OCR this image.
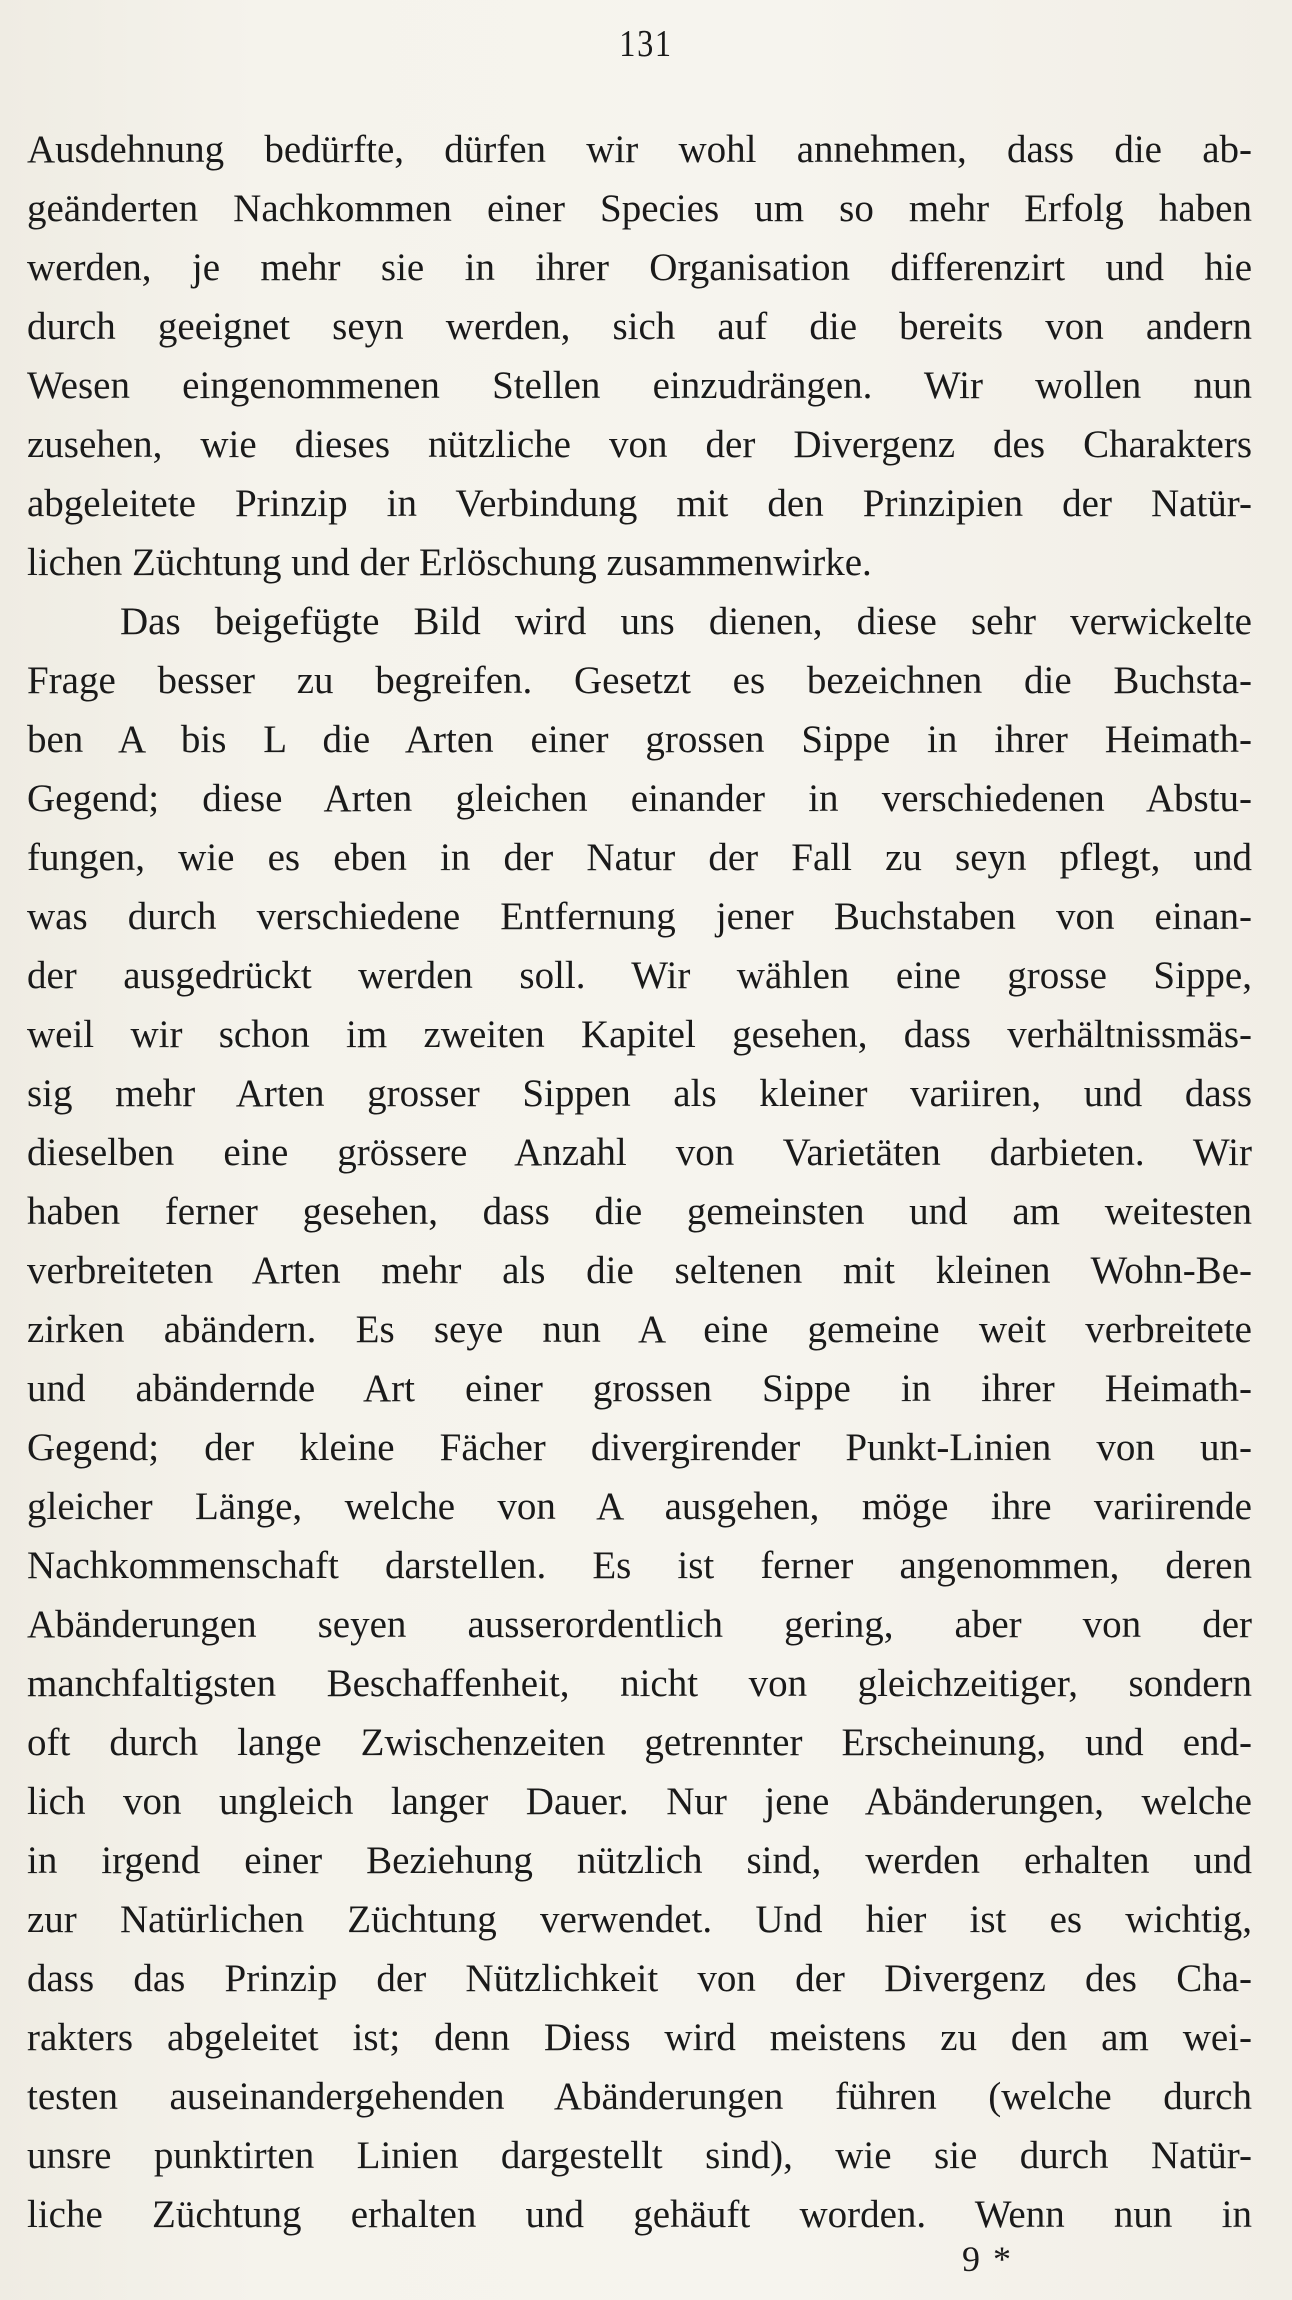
131
Ausdehnung bedürfte, dürfen wir wohl annehmen, dass die ab-
geänderten Nachkommen einer Species um so mehr Erfolg haben
werden, je mehr sie in ihrer Organisation differenzirt und hie
durch geeignet seyn werden, sich auf die bereits von andern
Wesen eingenommenen Stellen einzudrängen. Wir wollen nun
zusehen, wie dieses nützliche von der Divergenz des Charakters
abgeleitete Prinzip in Verbindung mit den Prinzipien der Natür-
lichen Züchtung und der Erlöschung zusammenwirke.
Das beigefügte Bild wird uns dienen, diese sehr verwickelte
Frage besser zu begreifen. Gesetzt es bezeichnen die Buchsta-
ben A bis L die Arten einer grossen Sippe in ihrer Heimath-
Gegend; diese Arten gleichen einander in verschiedenen Abstu-
fungen, wie es eben in der Natur der Fall zu seyn pflegt, und
was durch verschiedene Entfernung jener Buchstaben von einan-
der ausgedrückt werden soll. Wir wählen eine grosse Sippe,
weil wir schon im zweiten Kapitel gesehen, dass verhältnissmäs-
sig mehr Arten grosser Sippen als kleiner variiren, und dass
dieselben eine grössere Anzahl von Varietäten darbieten. Wir
haben ferner gesehen, dass die gemeinsten und am weitesten
verbreiteten Arten mehr als die seltenen mit kleinen Wohn-Be-
zirken abändern. Es seye nun A eine gemeine weit verbreitete
und abändernde Art einer grossen Sippe in ihrer Heimath-
Gegend; der kleine Fächer divergirender Punkt-Linien von un-
gleicher Länge, welche von A ausgehen, möge ihre variirende
Nachkommenschaft darstellen. Es ist ferner angenommen, deren
Abänderungen seyen ausserordentlich gering, aber von der
manchfaltigsten Beschaffenheit, nicht von gleichzeitiger, sondern
oft durch lange Zwischenzeiten getrennter Erscheinung, und end-
lich von ungleich langer Dauer. Nur jene Abänderungen, welche
in irgend einer Beziehung nützlich sind, werden erhalten und
zur Natürlichen Züchtung verwendet. Und hier ist es wichtig,
dass das Prinzip der Nützlichkeit von der Divergenz des Cha-
rakters abgeleitet ist; denn Diess wird meistens zu den am wei-
testen auseinandergehenden Abänderungen führen (welche durch
unsre punktirten Linien dargestellt sind), wie sie durch Natür-
liche Züchtung erhalten und gehäuft worden. Wenn nun in
9 *
